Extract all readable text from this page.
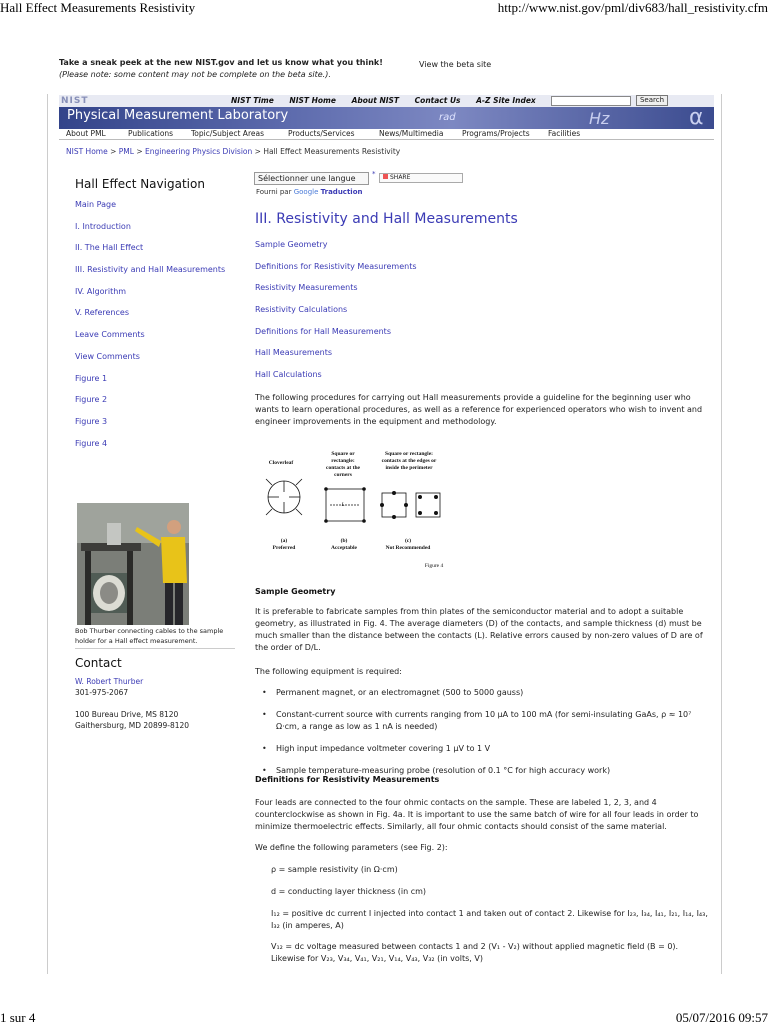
Hall Effect Measurements Resistivity	http://www.nist.gov/pml/div683/hall_resistivity.cfm
1 sur 4	05/07/2016 09:57
Take a sneak peek at the new NIST.gov and let us know what you think!
(Please note: some content may not be complete on the beta site.).
View the beta site
NIST	NIST Time NIST Home About NIST Contact Us A-Z Site Index	Search
Physical Measurement Laboratory	rad	Hz	α
About PML	Publications Topic/Subject Areas	Products/Services	News/Multimedia Programs/Projects Facilities
NIST Home > PML > Engineering Physics Division > Hall Effect Measurements Resistivity
Hall Effect Navigation
Main Page
I. Introduction
II. The Hall Effect
III. Resistivity and Hall Measurements
IV. Algorithm
V. References
Leave Comments
View Comments
Figure 1
Figure 2
Figure 3
Figure 4
Bob Thurber connecting cables to the sample holder for a Hall effect measurement.
Contact
W. Robert Thurber
301-975-2067
100 Bureau Drive, MS 8120
Gaithersburg, MD 20899-8120
Sélectionner une langue	*	SHARE
Fourni par Google Traduction
III. Resistivity and Hall Measurements
Sample Geometry
Definitions for Resistivity Measurements
Resistivity Measurements
Resistivity Calculations
Definitions for Hall Measurements
Hall Measurements
Hall Calculations
The following procedures for carrying out Hall measurements provide a guideline for the beginning user who wants to learn operational procedures, as well as a reference for experienced operators who wish to invent and engineer improvements in the equipment and methodology.
Cloverleaf
Square or rectangle: contacts at the corners
Square or rectangle: contacts at the edges or inside the perimeter
L
(a)
Preferred
(b)
Acceptable
(c)
Not Recommended
Figure 4
Sample Geometry
It is preferable to fabricate samples from thin plates of the semiconductor material and to adopt a suitable geometry, as illustrated in Fig. 4. The average diameters (D) of the contacts, and sample thickness (d) must be much smaller than the distance between the contacts (L). Relative errors caused by non-zero values of D are of the order of D/L.
The following equipment is required:
• Permanent magnet, or an electromagnet (500 to 5000 gauss)
• Constant-current source with currents ranging from 10 μA to 100 mA (for semi-insulating GaAs, ρ ≈ 10⁷ Ω·cm, a range as low as 1 nA is needed)
• High input impedance voltmeter covering 1 μV to 1 V
• Sample temperature-measuring probe (resolution of 0.1 °C for high accuracy work)
Definitions for Resistivity Measurements
Four leads are connected to the four ohmic contacts on the sample. These are labeled 1, 2, 3, and 4 counterclockwise as shown in Fig. 4a. It is important to use the same batch of wire for all four leads in order to minimize thermoelectric effects. Similarly, all four ohmic contacts should consist of the same material.
We define the following parameters (see Fig. 2):
ρ = sample resistivity (in Ω·cm)
d = conducting layer thickness (in cm)
I₁₂ = positive dc current I injected into contact 1 and taken out of contact 2. Likewise for I₂₃, I₃₄, I₄₁, I₂₁, I₁₄, I₄₃, I₃₂ (in amperes, A)
V₁₂ = dc voltage measured between contacts 1 and 2 (V₁ - V₂) without applied magnetic field (B = 0). Likewise for V₂₃, V₃₄, V₄₁, V₂₁, V₁₄, V₄₃, V₃₂ (in volts, V)
